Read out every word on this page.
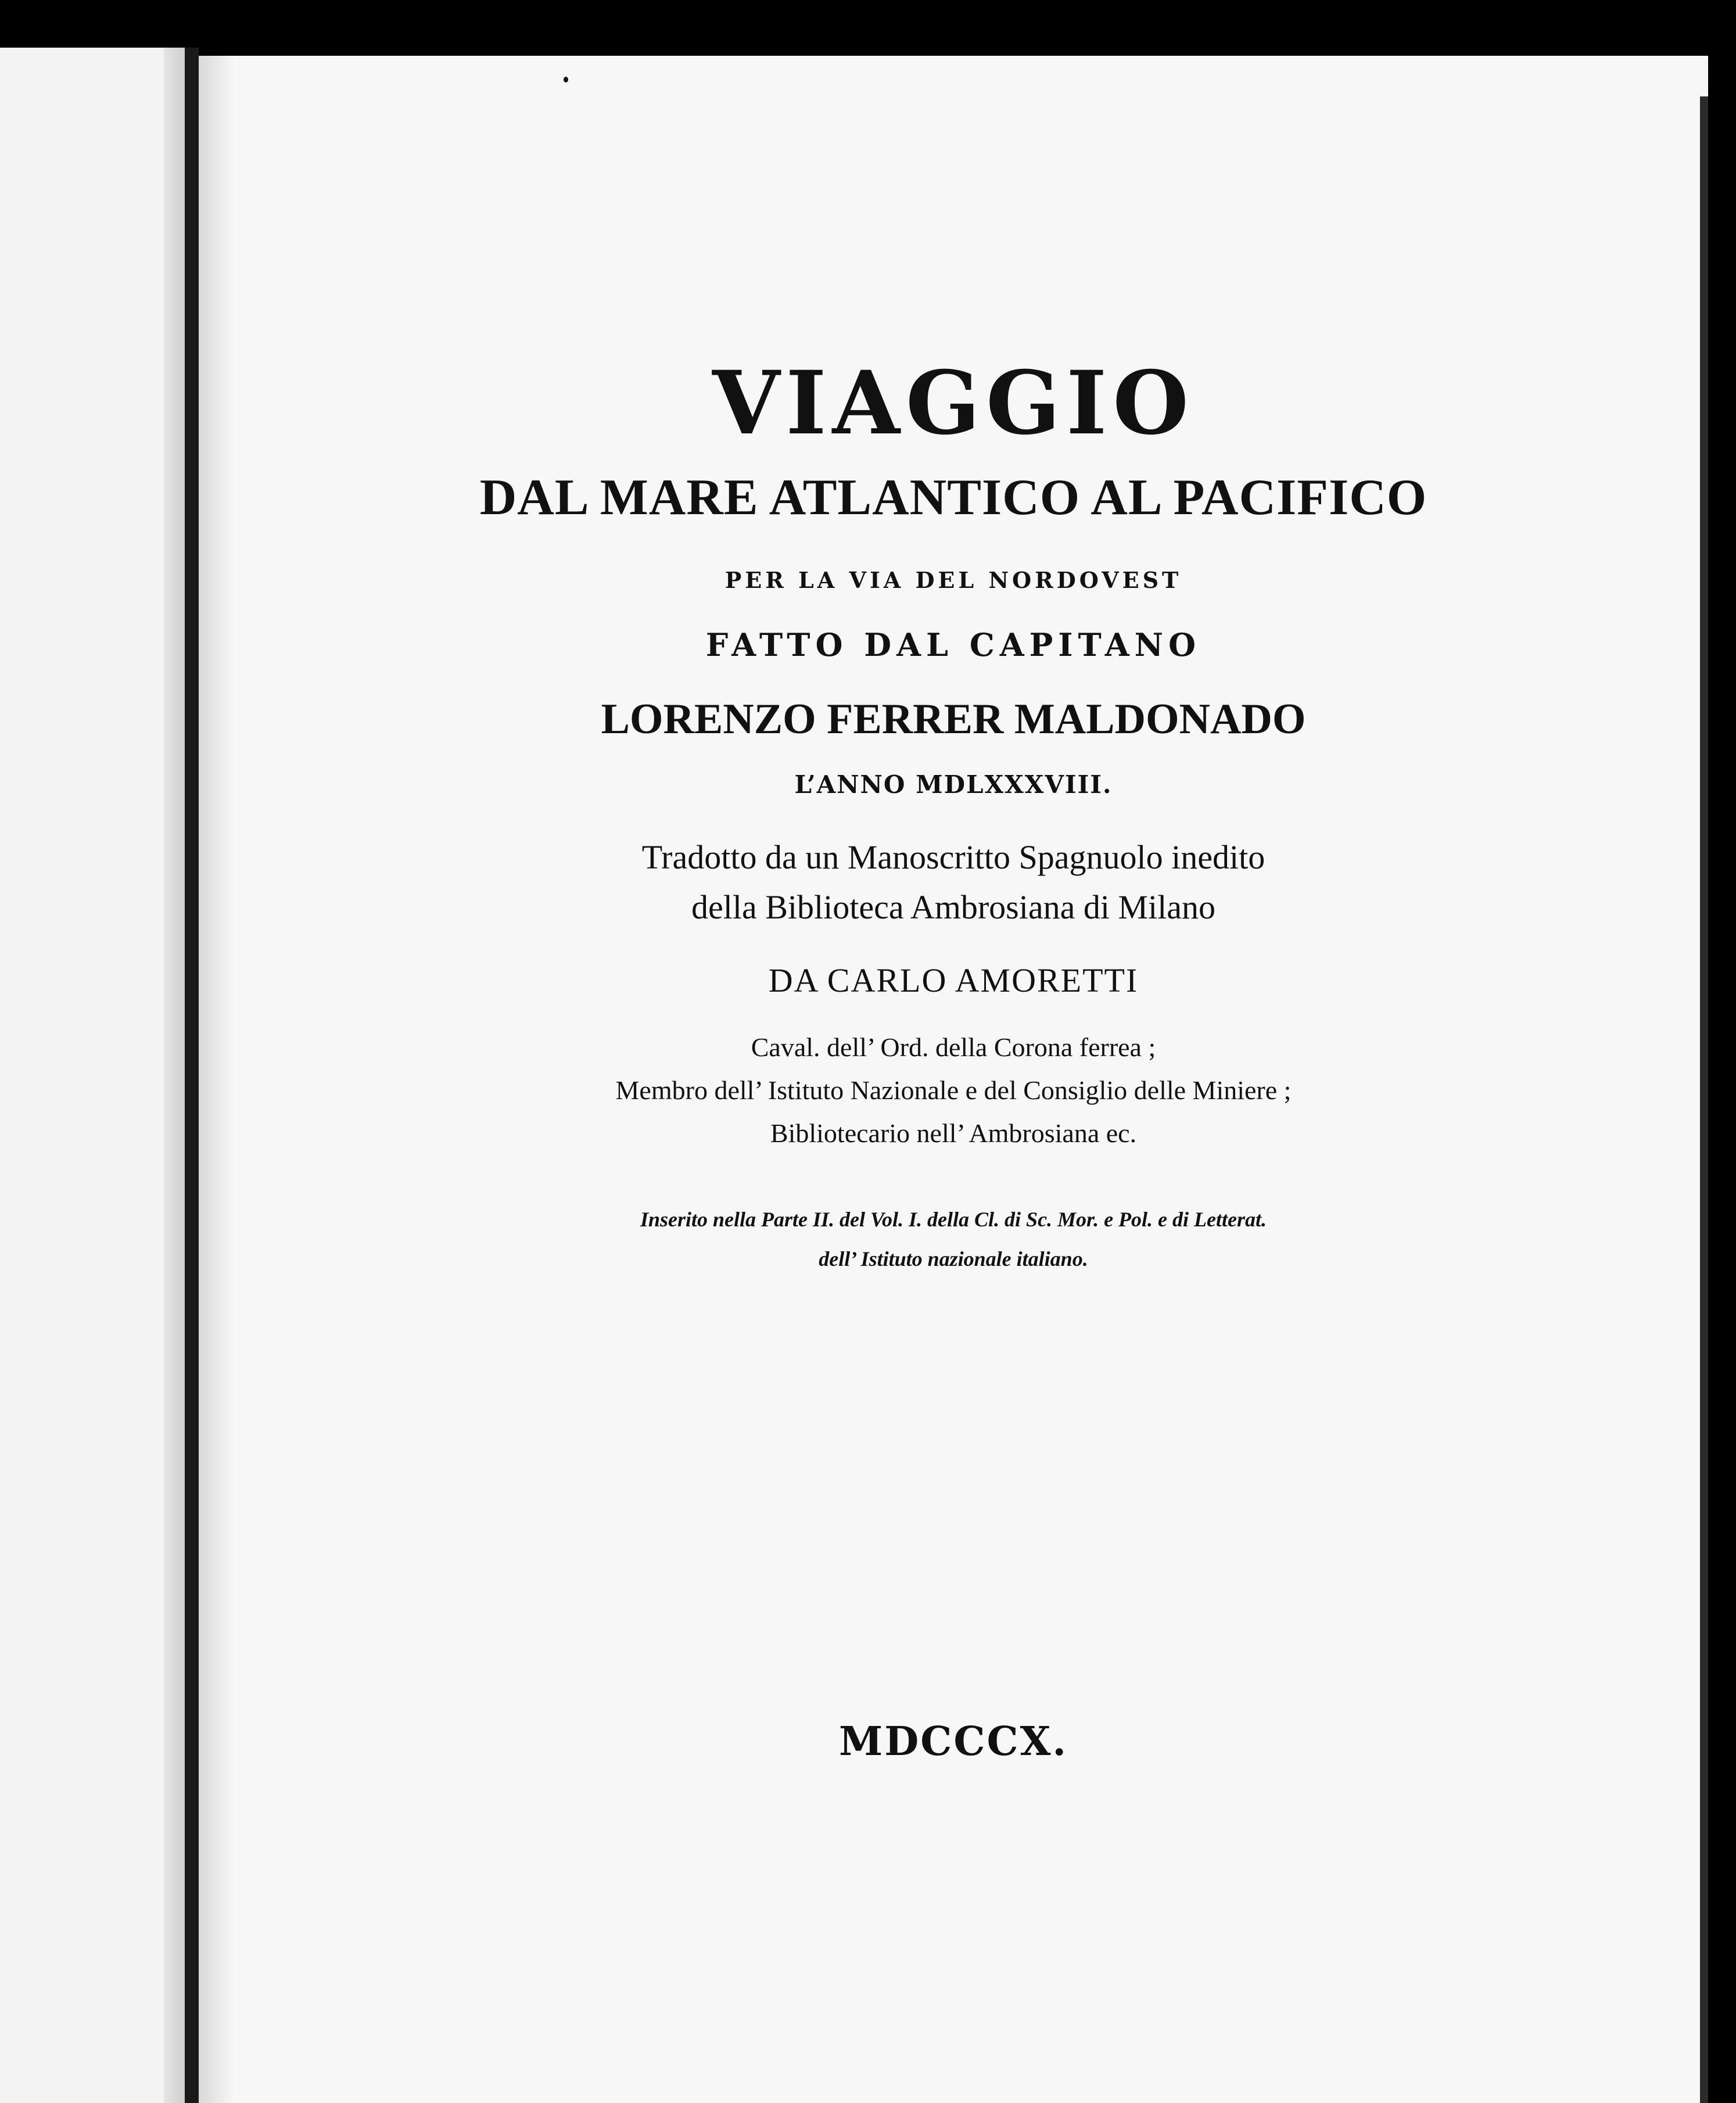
VIAGGIO
DAL MARE ATLANTICO AL PACIFICO
PER LA VIA DEL NORDOVEST
FATTO DAL CAPITANO
LORENZO FERRER MALDONADO
L’ANNO MDLXXXVIII.
Tradotto da un Manoscritto Spagnuolo inedito
della Biblioteca Ambrosiana di Milano
DA CARLO AMORETTI
Caval. dell’ Ord. della Corona ferrea ;
Membro dell’ Istituto Nazionale e del Consiglio delle Miniere ;
Bibliotecario nell’ Ambrosiana ec.
Inserito nella Parte II. del Vol. I. della Cl. di Sc. Mor. e Pol. e di Letterat.
dell’ Istituto nazionale italiano.
MDCCCX.
